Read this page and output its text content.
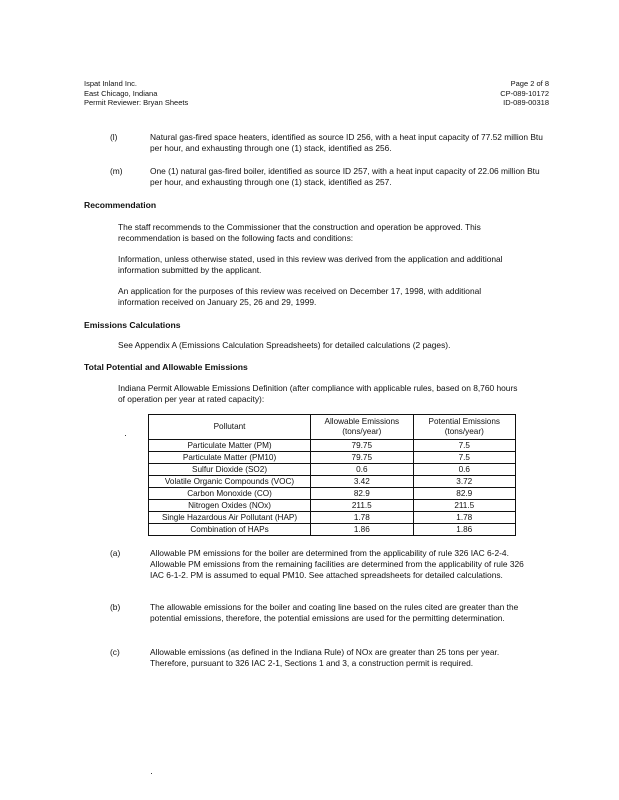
Ispat Inland Inc.
East Chicago, Indiana
Permit Reviewer: Bryan Sheets
Page 2 of 8
CP-089-10172
ID-089-00318
(l)	Natural gas-fired space heaters, identified as source ID 256, with a heat input capacity of 77.52 million Btu per hour, and exhausting through one (1) stack, identified as 256.
(m)	One (1) natural gas-fired boiler, identified as source ID 257, with a heat input capacity of 22.06 million Btu per hour, and exhausting through one (1) stack, identified as 257.
Recommendation
The staff recommends to the Commissioner that the construction and operation be approved. This recommendation is based on the following facts and conditions:
Information, unless otherwise stated, used in this review was derived from the application and additional information submitted by the applicant.
An application for the purposes of this review was received on December 17, 1998, with additional information received on January 25, 26 and 29, 1999.
Emissions Calculations
See Appendix A (Emissions Calculation Spreadsheets) for detailed calculations (2 pages).
Total Potential and Allowable Emissions
Indiana Permit Allowable Emissions Definition (after compliance with applicable rules, based on 8,760 hours of operation per year at rated capacity):
·
Pollutant	Allowable Emissions (tons/year)	Potential Emissions (tons/year)
Particulate Matter (PM)	79.75	7.5
Particulate Matter (PM10)	79.75	7.5
Sulfur Dioxide (SO2)	0.6	0.6
Volatile Organic Compounds (VOC)	3.42	3.72
Carbon Monoxide (CO)	82.9	82.9
Nitrogen Oxides (NOx)	211.5	211.5
Single Hazardous Air Pollutant (HAP)	1.78	1.78
Combination of HAPs	1.86	1.86
(a)	Allowable PM emissions for the boiler are determined from the applicability of rule 326 IAC 6-2-4. Allowable PM emissions from the remaining facilities are determined from the applicability of rule 326 IAC 6-1-2. PM is assumed to equal PM10. See attached spreadsheets for detailed calculations.
(b)	The allowable emissions for the boiler and coating line based on the rules cited are greater than the potential emissions, therefore, the potential emissions are used for the permitting determination.
(c)	Allowable emissions (as defined in the Indiana Rule) of NOx are greater than 25 tons per year. Therefore, pursuant to 326 IAC 2-1, Sections 1 and 3, a construction permit is required.
·
